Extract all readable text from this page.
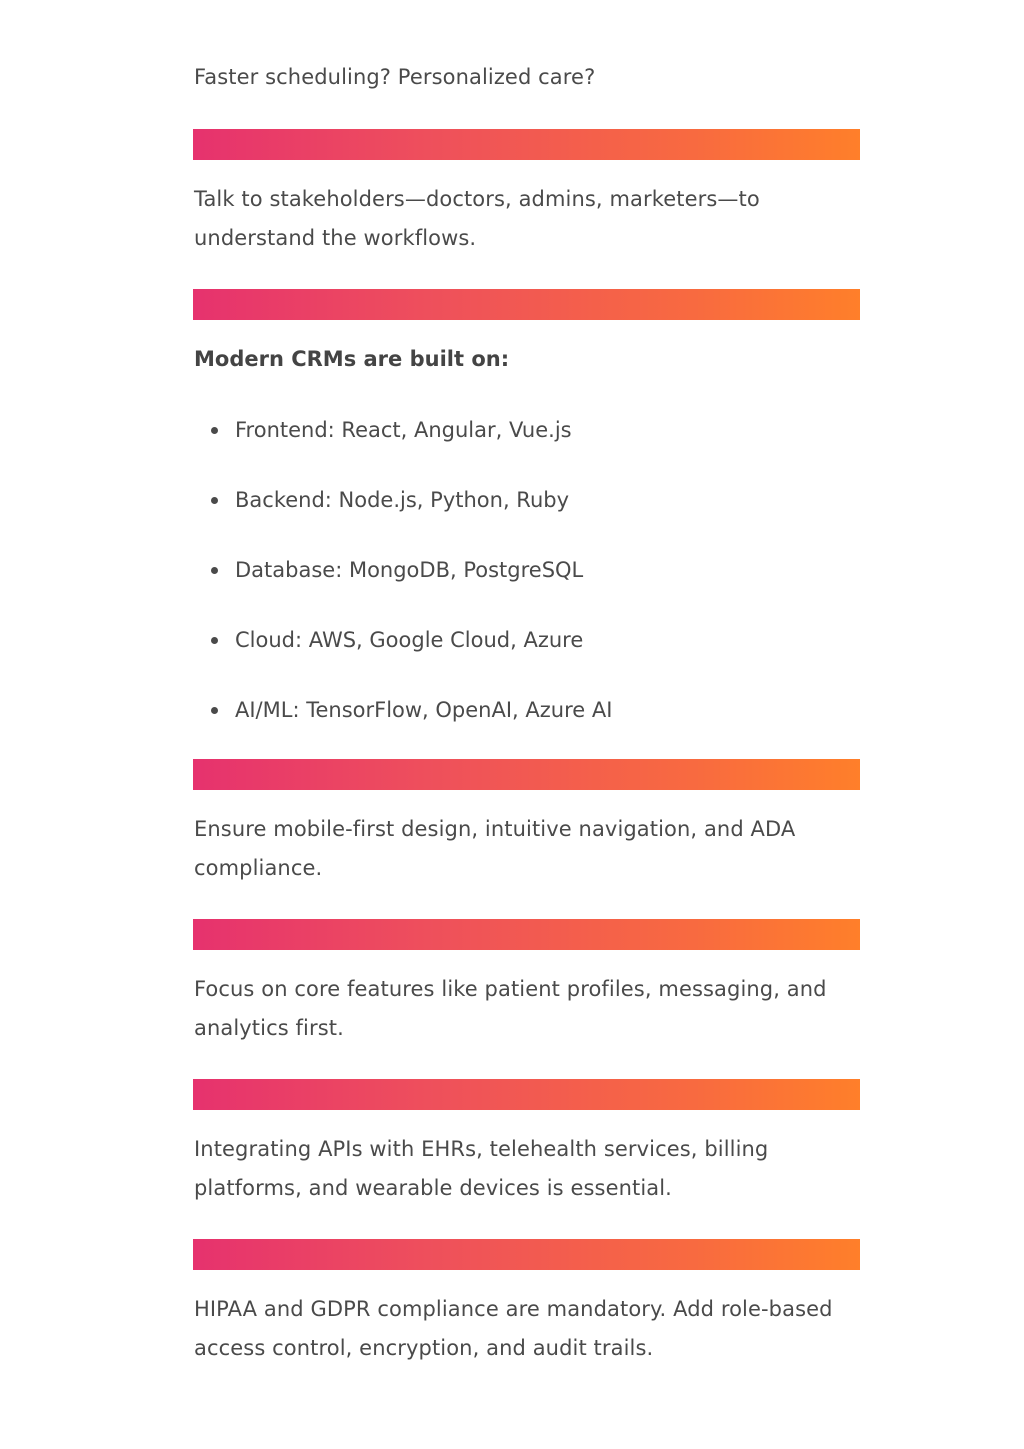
Faster scheduling? Personalized care?

Talk to stakeholders—doctors, admins, marketers—to understand the workflows.

Modern CRMs are built on:

Frontend: React, Angular, Vue.js
Backend: Node.js, Python, Ruby
Database: MongoDB, PostgreSQL
Cloud: AWS, Google Cloud, Azure
AI/ML: TensorFlow, OpenAI, Azure AI

Ensure mobile-first design, intuitive navigation, and ADA compliance.

Focus on core features like patient profiles, messaging, and analytics first.

Integrating APIs with EHRs, telehealth services, billing platforms, and wearable devices is essential.

HIPAA and GDPR compliance are mandatory. Add role-based access control, encryption, and audit trails.
